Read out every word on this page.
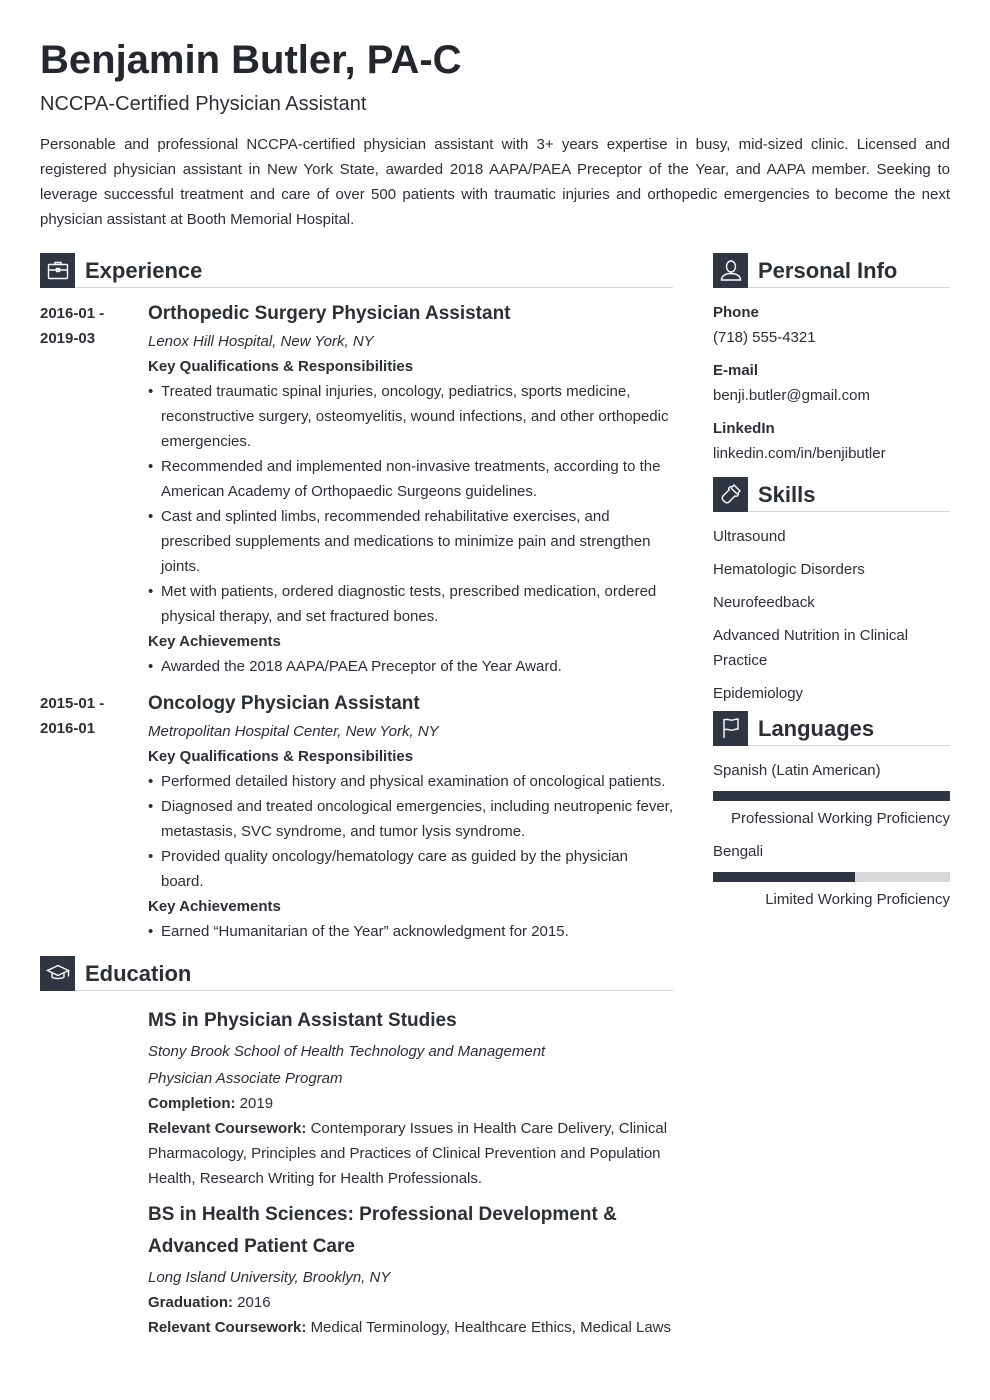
Benjamin Butler, PA-C
NCCPA-Certified Physician Assistant
Personable and professional NCCPA-certified physician assistant with 3+ years expertise in busy, mid-sized clinic. Licensed and registered physician assistant in New York State, awarded 2018 AAPA/PAEA Preceptor of the Year, and AAPA member. Seeking to leverage successful treatment and care of over 500 patients with traumatic injuries and orthopedic emergencies to become the next physician assistant at Booth Memorial Hospital.
Experience
2016-01 -
2019-03
Orthopedic Surgery Physician Assistant
Lenox Hill Hospital, New York, NY
Key Qualifications & Responsibilities
• Treated traumatic spinal injuries, oncology, pediatrics, sports medicine, reconstructive surgery, osteomyelitis, wound infections, and other orthopedic emergencies.
• Recommended and implemented non-invasive treatments, according to the American Academy of Orthopaedic Surgeons guidelines.
• Cast and splinted limbs, recommended rehabilitative exercises, and prescribed supplements and medications to minimize pain and strengthen joints.
• Met with patients, ordered diagnostic tests, prescribed medication, ordered physical therapy, and set fractured bones.
Key Achievements
• Awarded the 2018 AAPA/PAEA Preceptor of the Year Award.
2015-01 -
2016-01
Oncology Physician Assistant
Metropolitan Hospital Center, New York, NY
Key Qualifications & Responsibilities
• Performed detailed history and physical examination of oncological patients.
• Diagnosed and treated oncological emergencies, including neutropenic fever, metastasis, SVC syndrome, and tumor lysis syndrome.
• Provided quality oncology/hematology care as guided by the physician board.
Key Achievements
• Earned “Humanitarian of the Year” acknowledgment for 2015.
Education
MS in Physician Assistant Studies
Stony Brook School of Health Technology and Management
Physician Associate Program
Completion: 2019
Relevant Coursework: Contemporary Issues in Health Care Delivery, Clinical Pharmacology, Principles and Practices of Clinical Prevention and Population Health, Research Writing for Health Professionals.
BS in Health Sciences: Professional Development & Advanced Patient Care
Long Island University, Brooklyn, NY
Graduation: 2016
Relevant Coursework: Medical Terminology, Healthcare Ethics, Medical Laws
Personal Info
Phone
(718) 555-4321
E-mail
benji.butler@gmail.com
LinkedIn
linkedin.com/in/benjibutler
Skills
Ultrasound
Hematologic Disorders
Neurofeedback
Advanced Nutrition in Clinical Practice
Epidemiology
Languages
Spanish (Latin American)
Professional Working Proficiency
Bengali
Limited Working Proficiency
